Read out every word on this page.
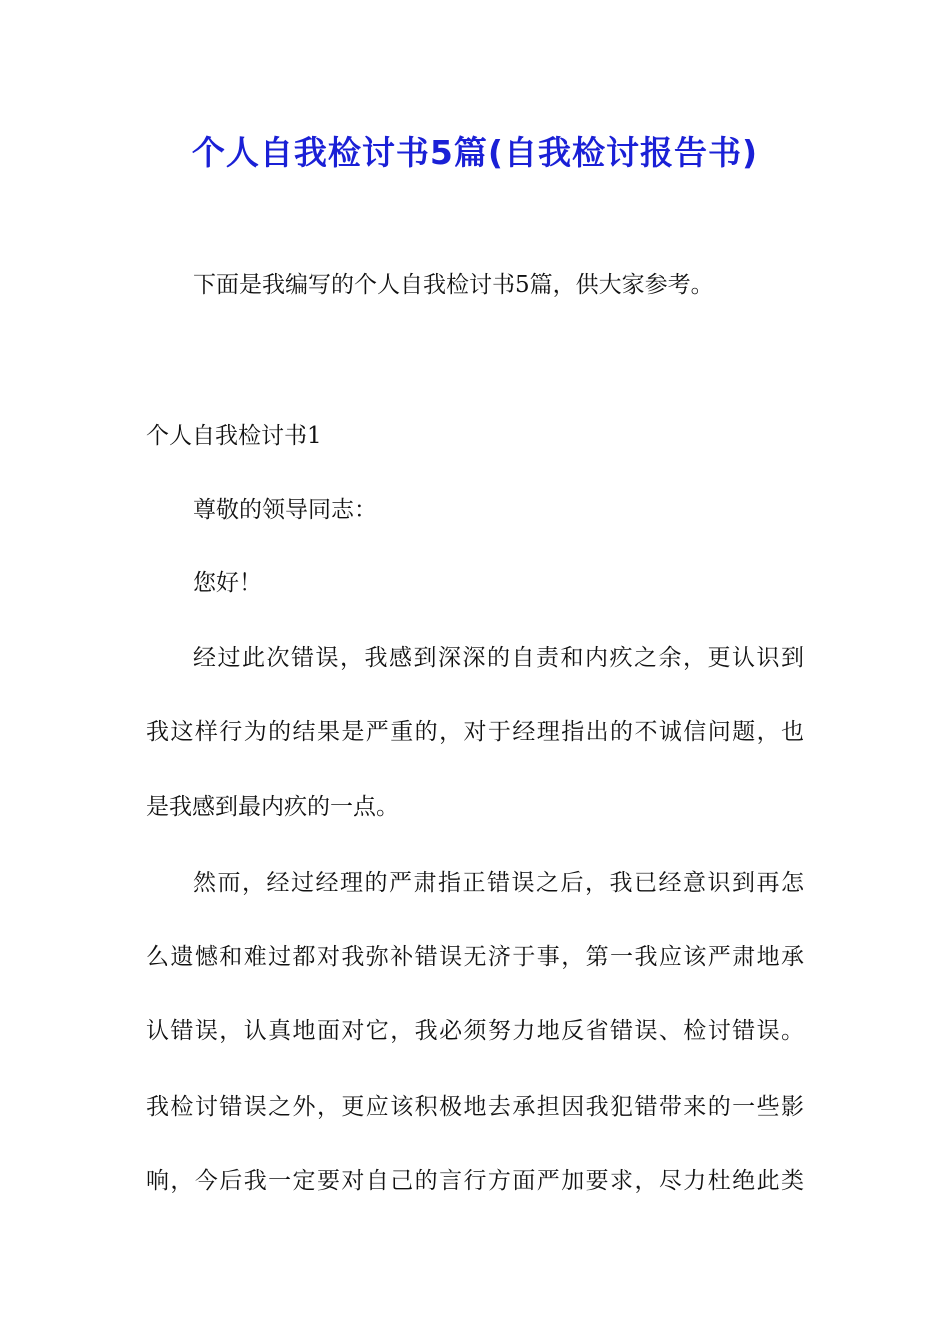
个人自我检讨书5篇(自我检讨报告书)
下面是我编写的个人自我检讨书5篇，供大家参考。
个人自我检讨书1
尊敬的领导同志：
您好！
经过此次错误，我感到深深的自责和内疚之余，更认识到
我这样行为的结果是严重的，对于经理指出的不诚信问题，也
是我感到最内疚的一点。
然而，经过经理的严肃指正错误之后，我已经意识到再怎
么遗憾和难过都对我弥补错误无济于事，第一我应该严肃地承
认错误，认真地面对它，我必须努力地反省错误、检讨错误。
我检讨错误之外，更应该积极地去承担因我犯错带来的一些影
响，今后我一定要对自己的言行方面严加要求，尽力杜绝此类
